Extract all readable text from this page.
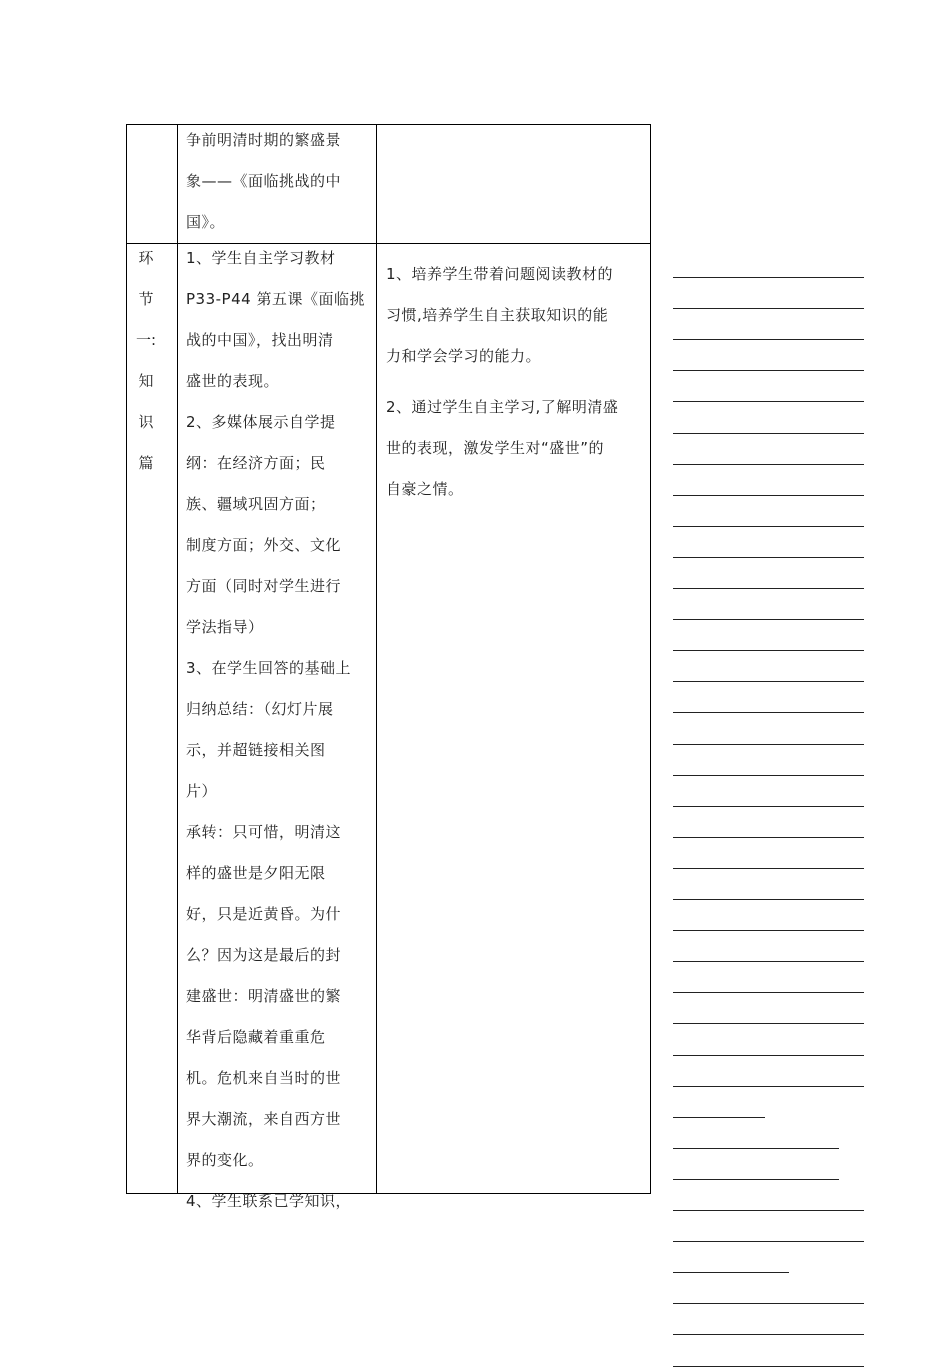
争前明清时期的繁盛景

象——《面临挑战的中

国》。

环
节
一:
知
识
篇

1、学生自主学习教材

P33-P44 第五课《面临挑

战的中国》，找出明清

盛世的表现。

2、多媒体展示自学提

纲：在经济方面；民

族、疆域巩固方面；

制度方面；外交、文化

方面（同时对学生进行

学法指导）

3、在学生回答的基础上

归纳总结：（幻灯片展

示，并超链接相关图

片）

承转：只可惜，明清这

样的盛世是夕阳无限

好，只是近黄昏。为什

么？因为这是最后的封

建盛世：明清盛世的繁

华背后隐藏着重重危

机。危机来自当时的世

界大潮流，来自西方世

界的变化。

4、学生联系已学知识，

1、培养学生带着问题阅读教材的

习惯,培养学生自主获取知识的能

力和学会学习的能力。

2、通过学生自主学习,了解明清盛

世的表现，激发学生对“盛世”的

自豪之情。
